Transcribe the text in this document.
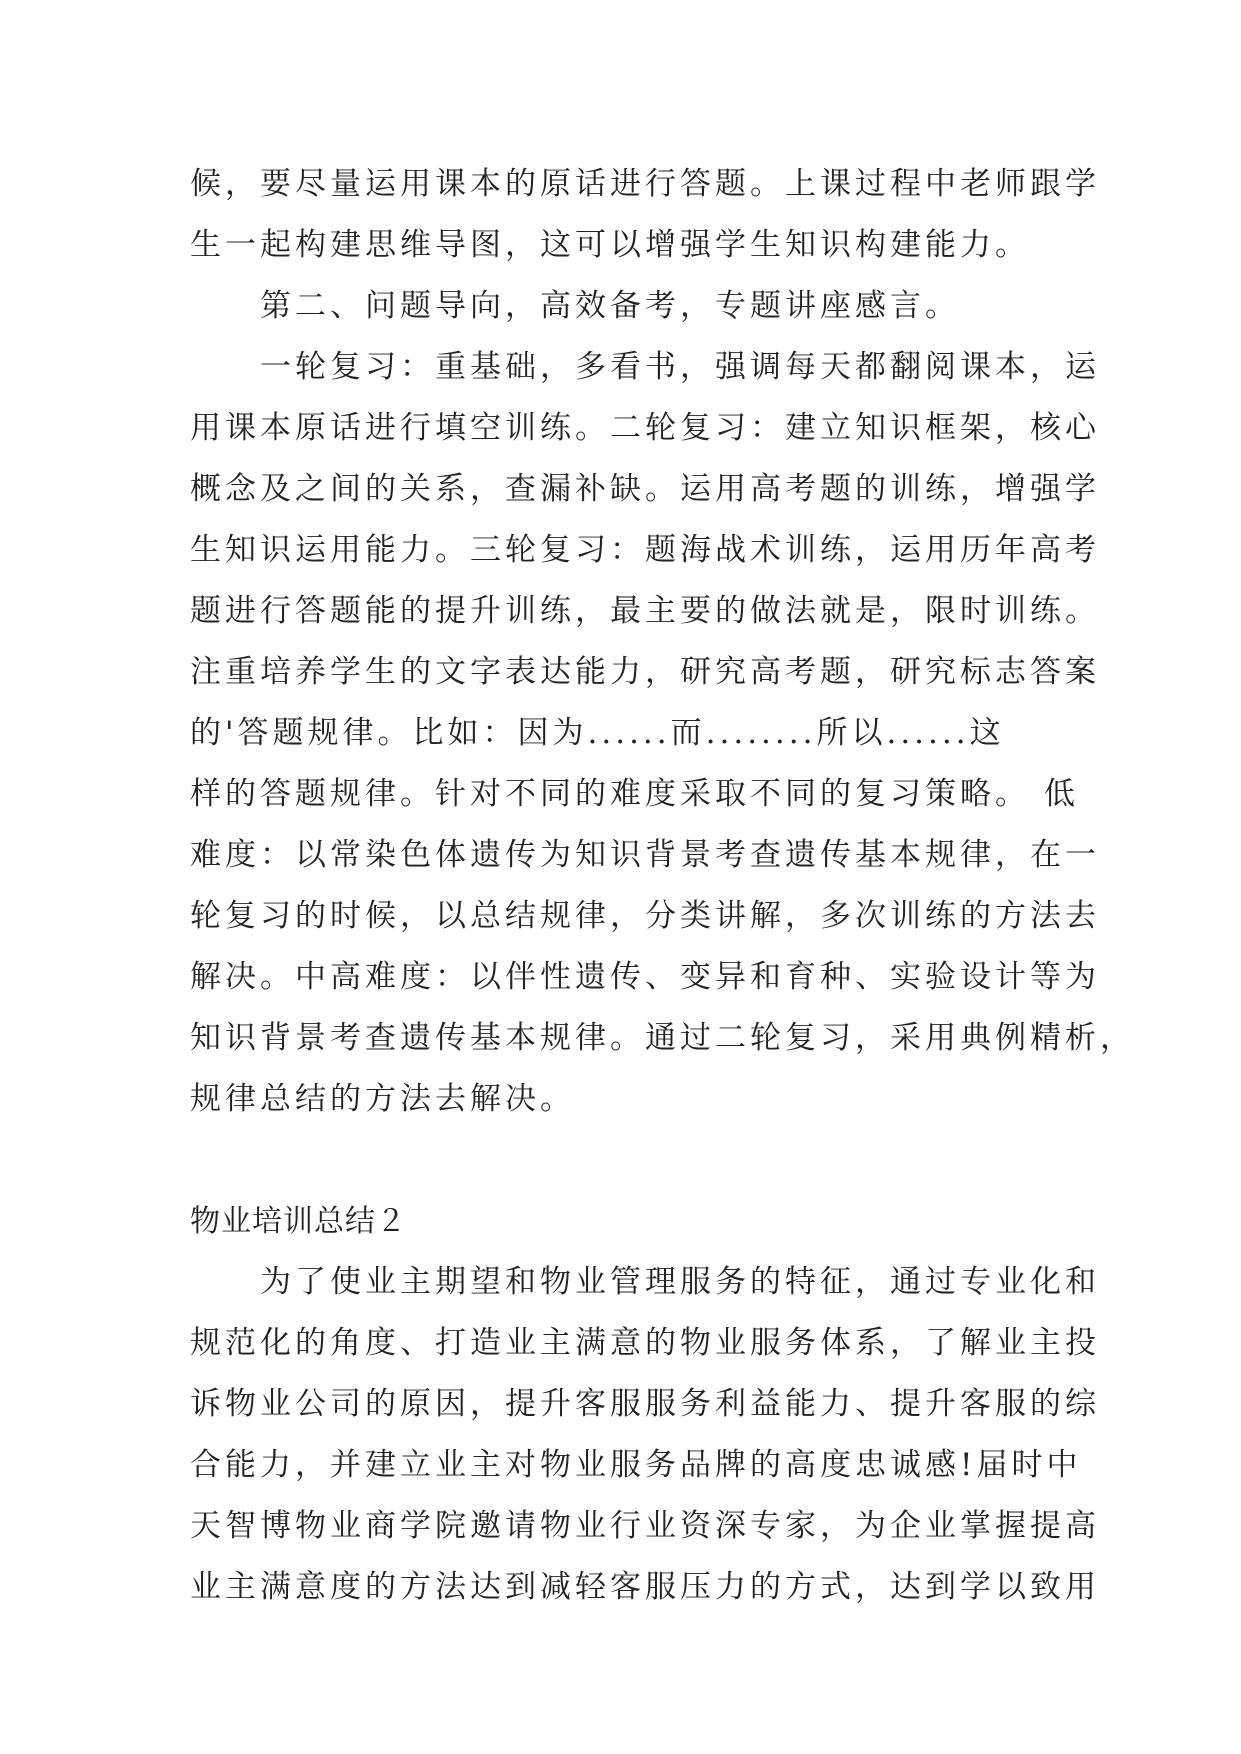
候，要尽量运用课本的原话进行答题。上课过程中老师跟学
生一起构建思维导图，这可以增强学生知识构建能力。
　　第二、问题导向，高效备考，专题讲座感言。
　　一轮复习：重基础，多看书，强调每天都翻阅课本，运
用课本原话进行填空训练。二轮复习：建立知识框架，核心
概念及之间的关系，查漏补缺。运用高考题的训练，增强学
生知识运用能力。三轮复习：题海战术训练，运用历年高考
题进行答题能的提升训练，最主要的做法就是，限时训练。
注重培养学生的文字表达能力，研究高考题，研究标志答案
的'答题规律。比如：因为......而........所以......这
样的答题规律。针对不同的难度采取不同的复习策略。 低
难度：以常染色体遗传为知识背景考查遗传基本规律，在一
轮复习的时候，以总结规律，分类讲解，多次训练的方法去
解决。中高难度：以伴性遗传、变异和育种、实验设计等为
知识背景考查遗传基本规律。通过二轮复习，采用典例精析，
规律总结的方法去解决。
物业培训总结２
　　为了使业主期望和物业管理服务的特征，通过专业化和
规范化的角度、打造业主满意的物业服务体系，了解业主投
诉物业公司的原因，提升客服服务利益能力、提升客服的综
合能力，并建立业主对物业服务品牌的高度忠诚感!届时中
天智博物业商学院邀请物业行业资深专家，为企业掌握提高
业主满意度的方法达到减轻客服压力的方式，达到学以致用
